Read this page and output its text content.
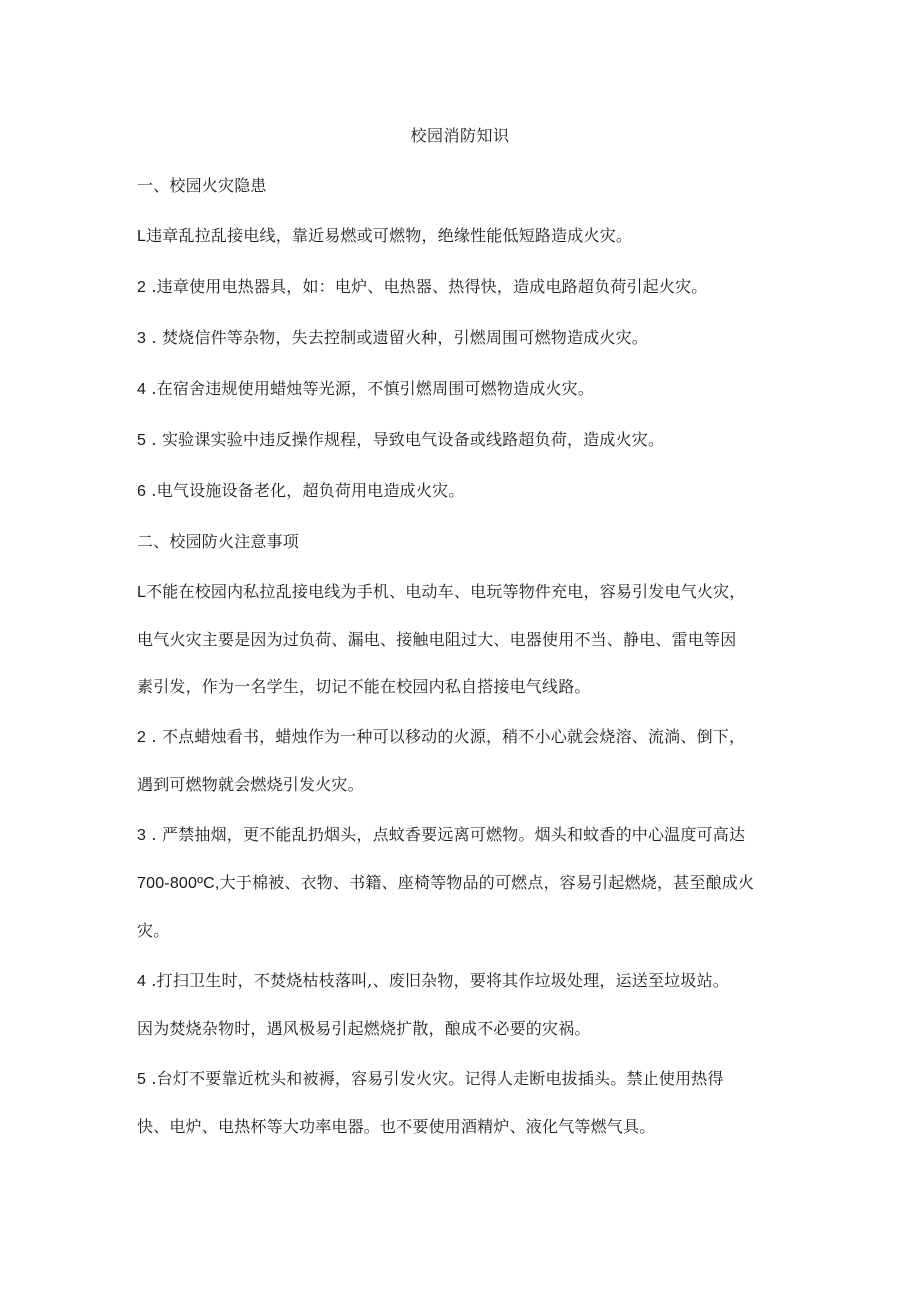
校园消防知识
一、校园火灾隐患
L违章乱拉乱接电线，靠近易燃或可燃物，绝缘性能低短路造成火灾。
2 .违章使用电热器具，如：电炉、电热器、热得快，造成电路超负荷引起火灾。
3 . 焚烧信件等杂物，失去控制或遗留火种，引燃周围可燃物造成火灾。
4 .在宿舍违规使用蜡烛等光源，不慎引燃周围可燃物造成火灾。
5 . 实验课实验中违反操作规程，导致电气设备或线路超负荷，造成火灾。
6 .电气设施设备老化，超负荷用电造成火灾。
二、校园防火注意事项
L不能在校园内私拉乱接电线为手机、电动车、电玩等物件充电，容易引发电气火灾，
电气火灾主要是因为过负荷、漏电、接触电阻过大、电器使用不当、静电、雷电等因
素引发，作为一名学生，切记不能在校园内私自搭接电气线路。
2 . 不点蜡烛看书，蜡烛作为一种可以移动的火源，稍不小心就会烧溶、流淌、倒下，
遇到可燃物就会燃烧引发火灾。
3 . 严禁抽烟，更不能乱扔烟头，点蚊香要远离可燃物。烟头和蚊香的中心温度可高达
700-800ºC,大于棉被、衣物、书籍、座椅等物品的可燃点，容易引起燃烧，甚至酿成火
灾。
4 .打扫卫生时，不焚烧枯枝落叫,、废旧杂物，要将其作垃圾处理，运送至垃圾站。
因为焚烧杂物时，遇风极易引起燃烧扩散，酿成不必要的灾祸。
5 .台灯不要靠近枕头和被褥，容易引发火灾。记得人走断电拔插头。禁止使用热得
快、电炉、电热杯等大功率电器。也不要使用酒精炉、液化气等燃气具。
